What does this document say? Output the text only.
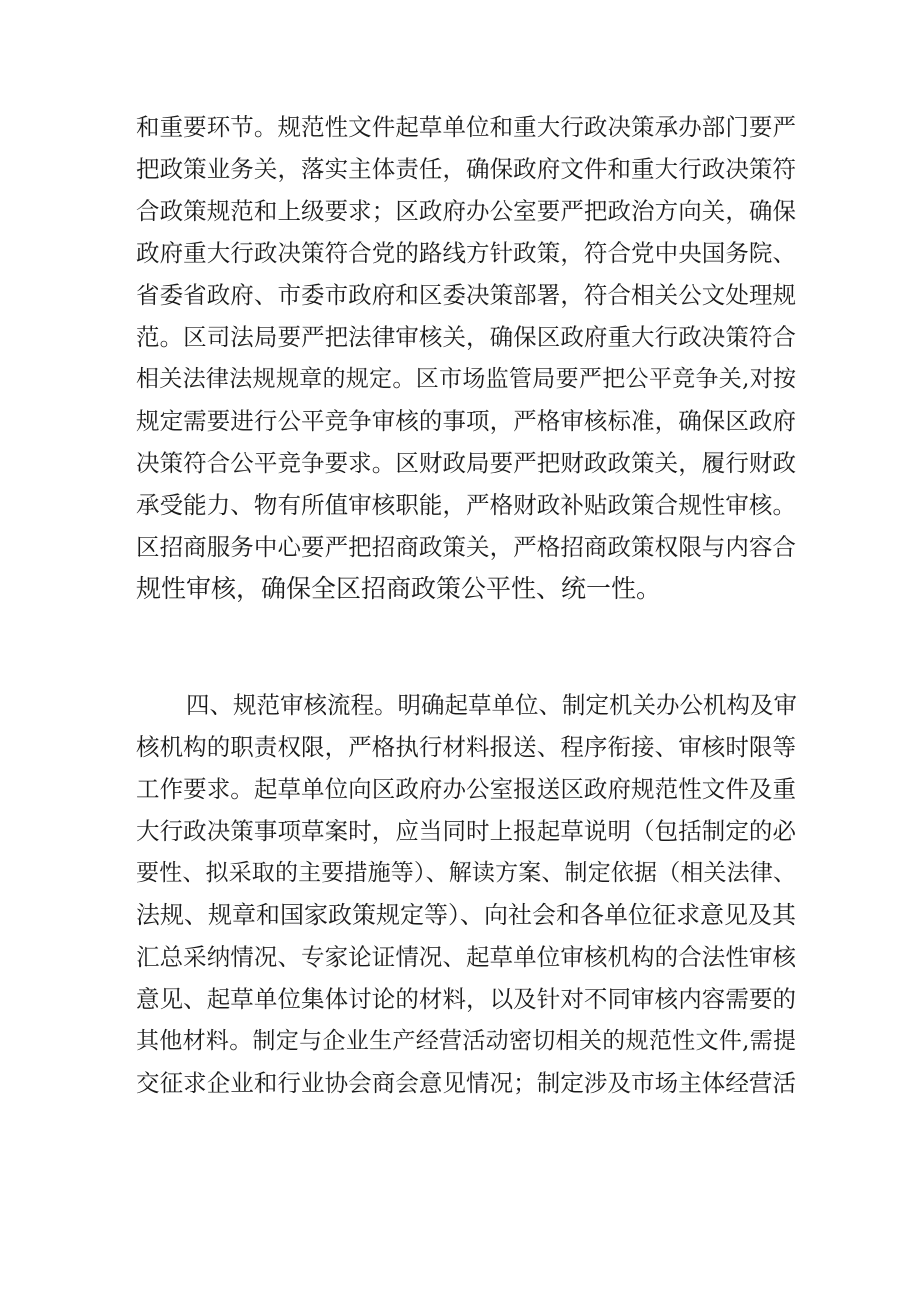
和重要环节。规范性文件起草单位和重大行政决策承办部门要严
把政策业务关，落实主体责任，确保政府文件和重大行政决策符
合政策规范和上级要求；区政府办公室要严把政治方向关，确保
政府重大行政决策符合党的路线方针政策，符合党中央国务院、
省委省政府、市委市政府和区委决策部署，符合相关公文处理规
范。区司法局要严把法律审核关，确保区政府重大行政决策符合
相关法律法规规章的规定。区市场监管局要严把公平竞争关,对按
规定需要进行公平竞争审核的事项，严格审核标准，确保区政府
决策符合公平竞争要求。区财政局要严把财政政策关，履行财政
承受能力、物有所值审核职能，严格财政补贴政策合规性审核。
区招商服务中心要严把招商政策关，严格招商政策权限与内容合
规性审核，确保全区招商政策公平性、统一性。
四、规范审核流程。明确起草单位、制定机关办公机构及审
核机构的职责权限，严格执行材料报送、程序衔接、审核时限等
工作要求。起草单位向区政府办公室报送区政府规范性文件及重
大行政决策事项草案时，应当同时上报起草说明（包括制定的必
要性、拟采取的主要措施等）、解读方案、制定依据（相关法律、
法规、规章和国家政策规定等）、向社会和各单位征求意见及其
汇总采纳情况、专家论证情况、起草单位审核机构的合法性审核
意见、起草单位集体讨论的材料，以及针对不同审核内容需要的
其他材料。制定与企业生产经营活动密切相关的规范性文件,需提
交征求企业和行业协会商会意见情况；制定涉及市场主体经营活
